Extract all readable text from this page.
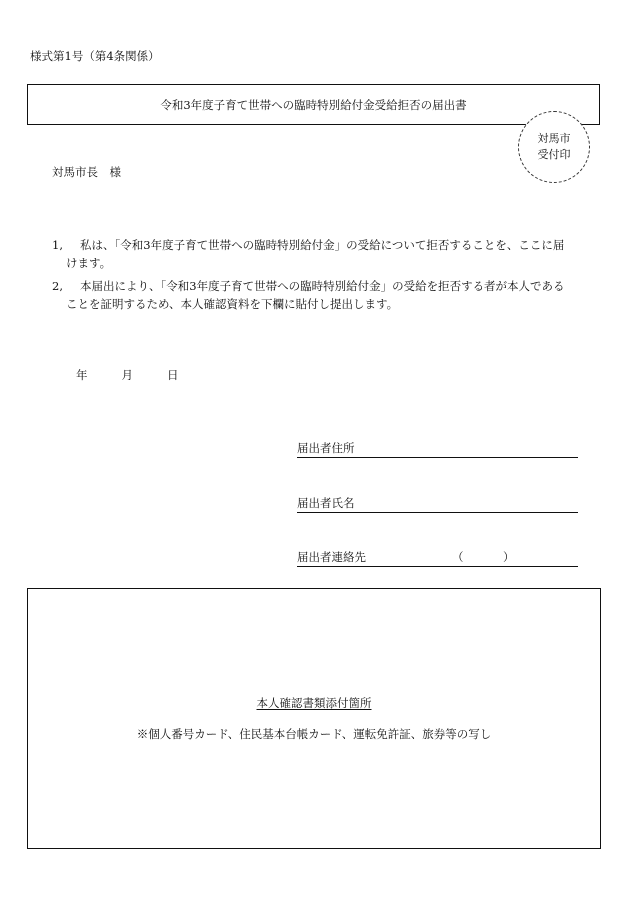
様式第1号（第4条関係）
令和3年度子育て世帯への臨時特別給付金受給拒否の届出書
対馬市
受付印
対馬市長　様
1,	私は、「令和3年度子育て世帯への臨時特別給付金」の受給について拒否することを、ここに届
けます。
2,	本届出により、「令和3年度子育て世帯への臨時特別給付金」の受給を拒否する者が本人である
ことを証明するため、本人確認資料を下欄に貼付し提出します。
年	月	日
届出者住所
届出者氏名
届出者連絡先	（	）
本人確認書類添付箇所
※個人番号カード、住民基本台帳カード、運転免許証、旅券等の写し
